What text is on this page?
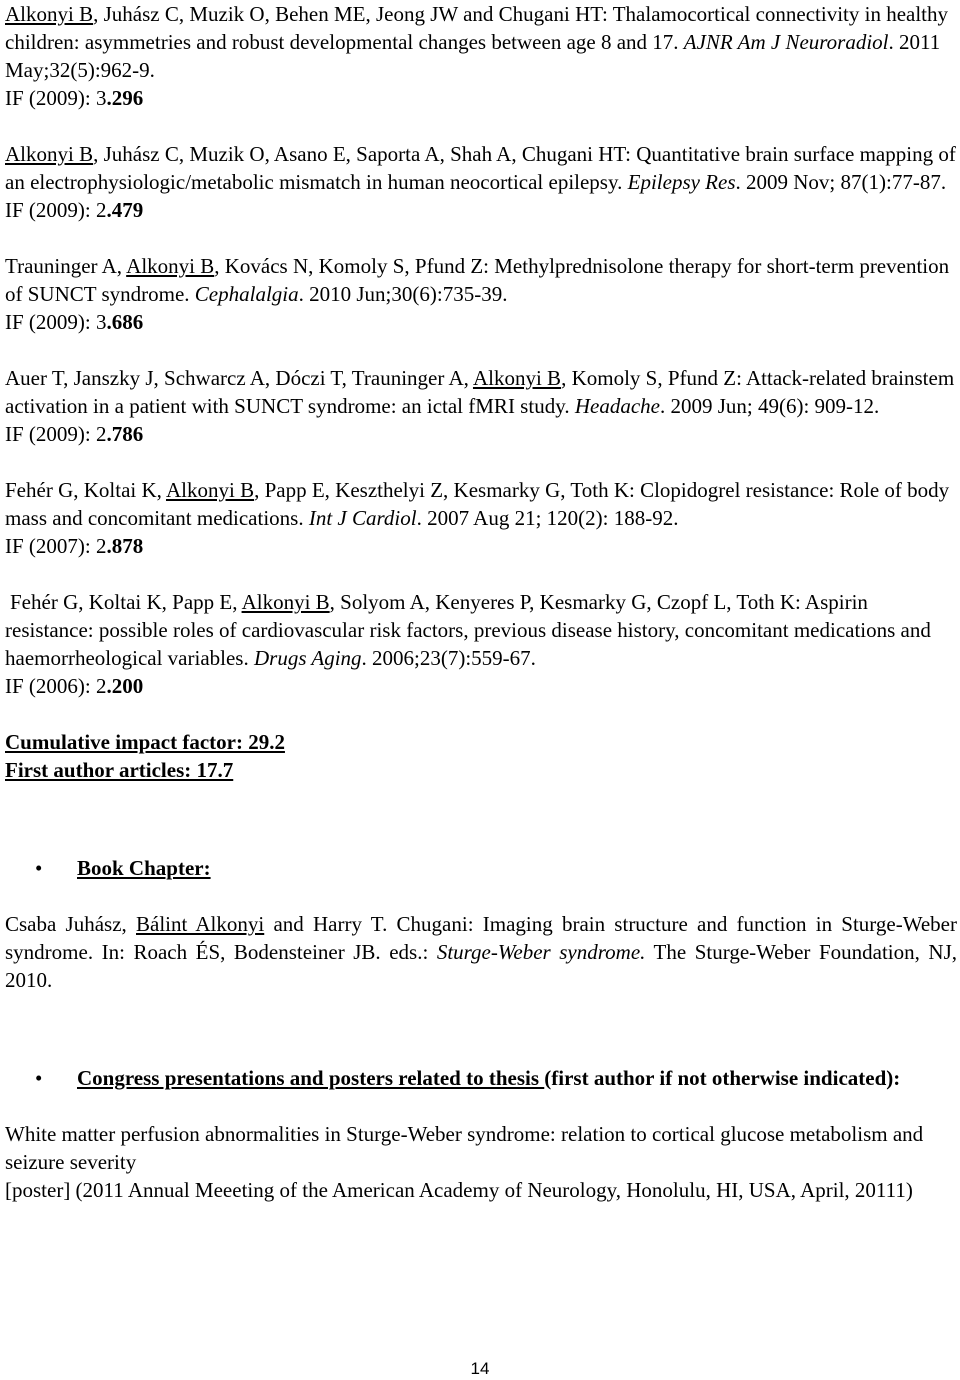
Alkonyi B, Juhász C, Muzik O, Behen ME, Jeong JW and Chugani HT: Thalamocortical connectivity in healthy children: asymmetries and robust developmental changes between age 8 and 17. AJNR Am J Neuroradiol. 2011 May;32(5):962-9.
IF (2009): 3.296

Alkonyi B, Juhász C, Muzik O, Asano E, Saporta A, Shah A, Chugani HT: Quantitative brain surface mapping of an electrophysiologic/metabolic mismatch in human neocortical epilepsy. Epilepsy Res. 2009 Nov; 87(1):77-87.
IF (2009): 2.479

Trauninger A, Alkonyi B, Kovács N, Komoly S, Pfund Z: Methylprednisolone therapy for short-term prevention of SUNCT syndrome. Cephalalgia. 2010 Jun;30(6):735-39.
IF (2009): 3.686

Auer T, Janszky J, Schwarcz A, Dóczi T, Trauninger A, Alkonyi B, Komoly S, Pfund Z: Attack-related brainstem activation in a patient with SUNCT syndrome: an ictal fMRI study. Headache. 2009 Jun; 49(6): 909-12.
IF (2009): 2.786

Fehér G, Koltai K, Alkonyi B, Papp E, Keszthelyi Z, Kesmarky G, Toth K: Clopidogrel resistance: Role of body mass and concomitant medications. Int J Cardiol. 2007 Aug 21; 120(2): 188-92.
IF (2007): 2.878

Fehér G, Koltai K, Papp E, Alkonyi B, Solyom A, Kenyeres P, Kesmarky G, Czopf L, Toth K: Aspirin resistance: possible roles of cardiovascular risk factors, previous disease history, concomitant medications and haemorrheological variables. Drugs Aging. 2006;23(7):559-67.
IF (2006): 2.200

Cumulative impact factor: 29.2
First author articles: 17.7

•	Book Chapter:

Csaba Juhász, Bálint Alkonyi and Harry T. Chugani: Imaging brain structure and function in Sturge-Weber syndrome. In: Roach ÉS, Bodensteiner JB. eds.: Sturge-Weber syndrome. The Sturge-Weber Foundation, NJ, 2010.

•	Congress presentations and posters related to thesis (first author if not otherwise indicated):

White matter perfusion abnormalities in Sturge-Weber syndrome: relation to cortical glucose metabolism and seizure severity
[poster] (2011 Annual Meeeting of the American Academy of Neurology, Honolulu, HI, USA, April, 20111)

14
